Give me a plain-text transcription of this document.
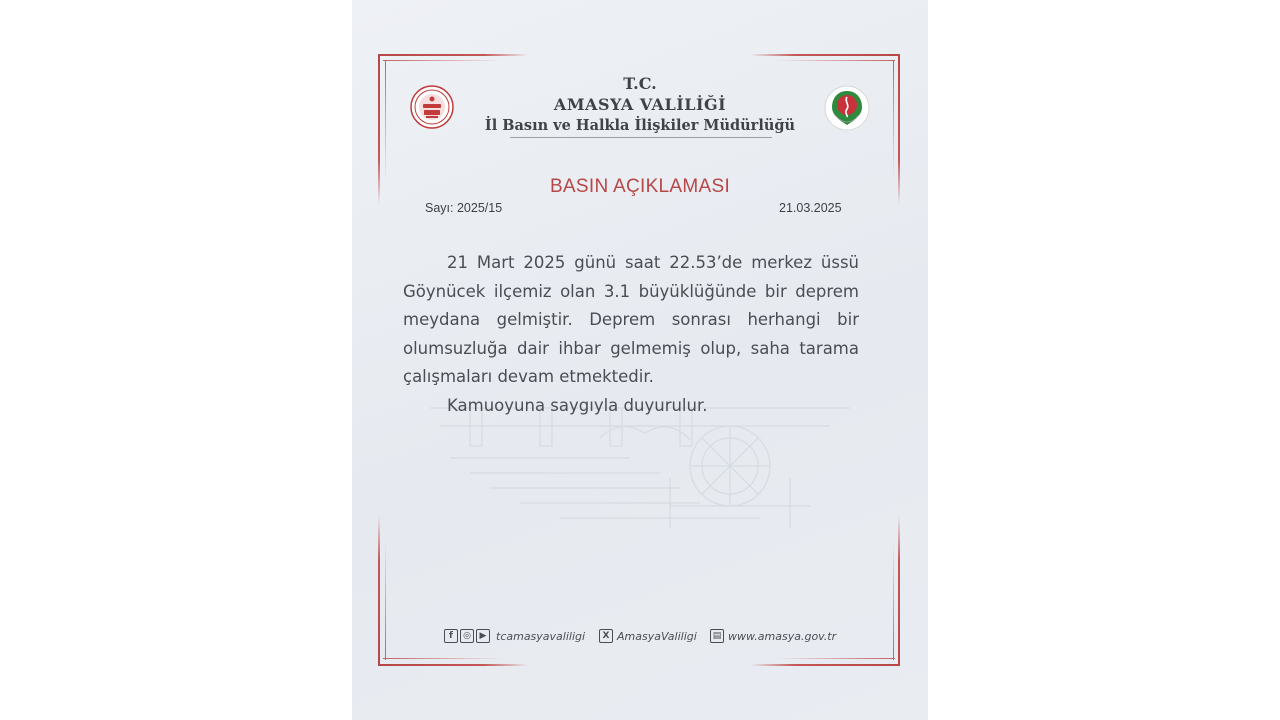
T.C.
AMASYA VALİLİĞİ
İl Basın ve Halkla İlişkiler Müdürlüğü
BASIN AÇIKLAMASI
Sayı: 2025/15	21.03.2025

21 Mart 2025 günü saat 22.53’de merkez üssü Göynücek ilçemiz olan 3.1 büyüklüğünde bir deprem meydana gelmiştir. Deprem sonrası herhangi bir olumsuzluğa dair ihbar gelmemiş olup, saha tarama çalışmaları devam etmektedir.

Kamuoyuna saygıyla duyurulur.

f	◎ ▶ tcamasyavaliligi	X AmasyaValiligi	▤ www.amasya.gov.tr
